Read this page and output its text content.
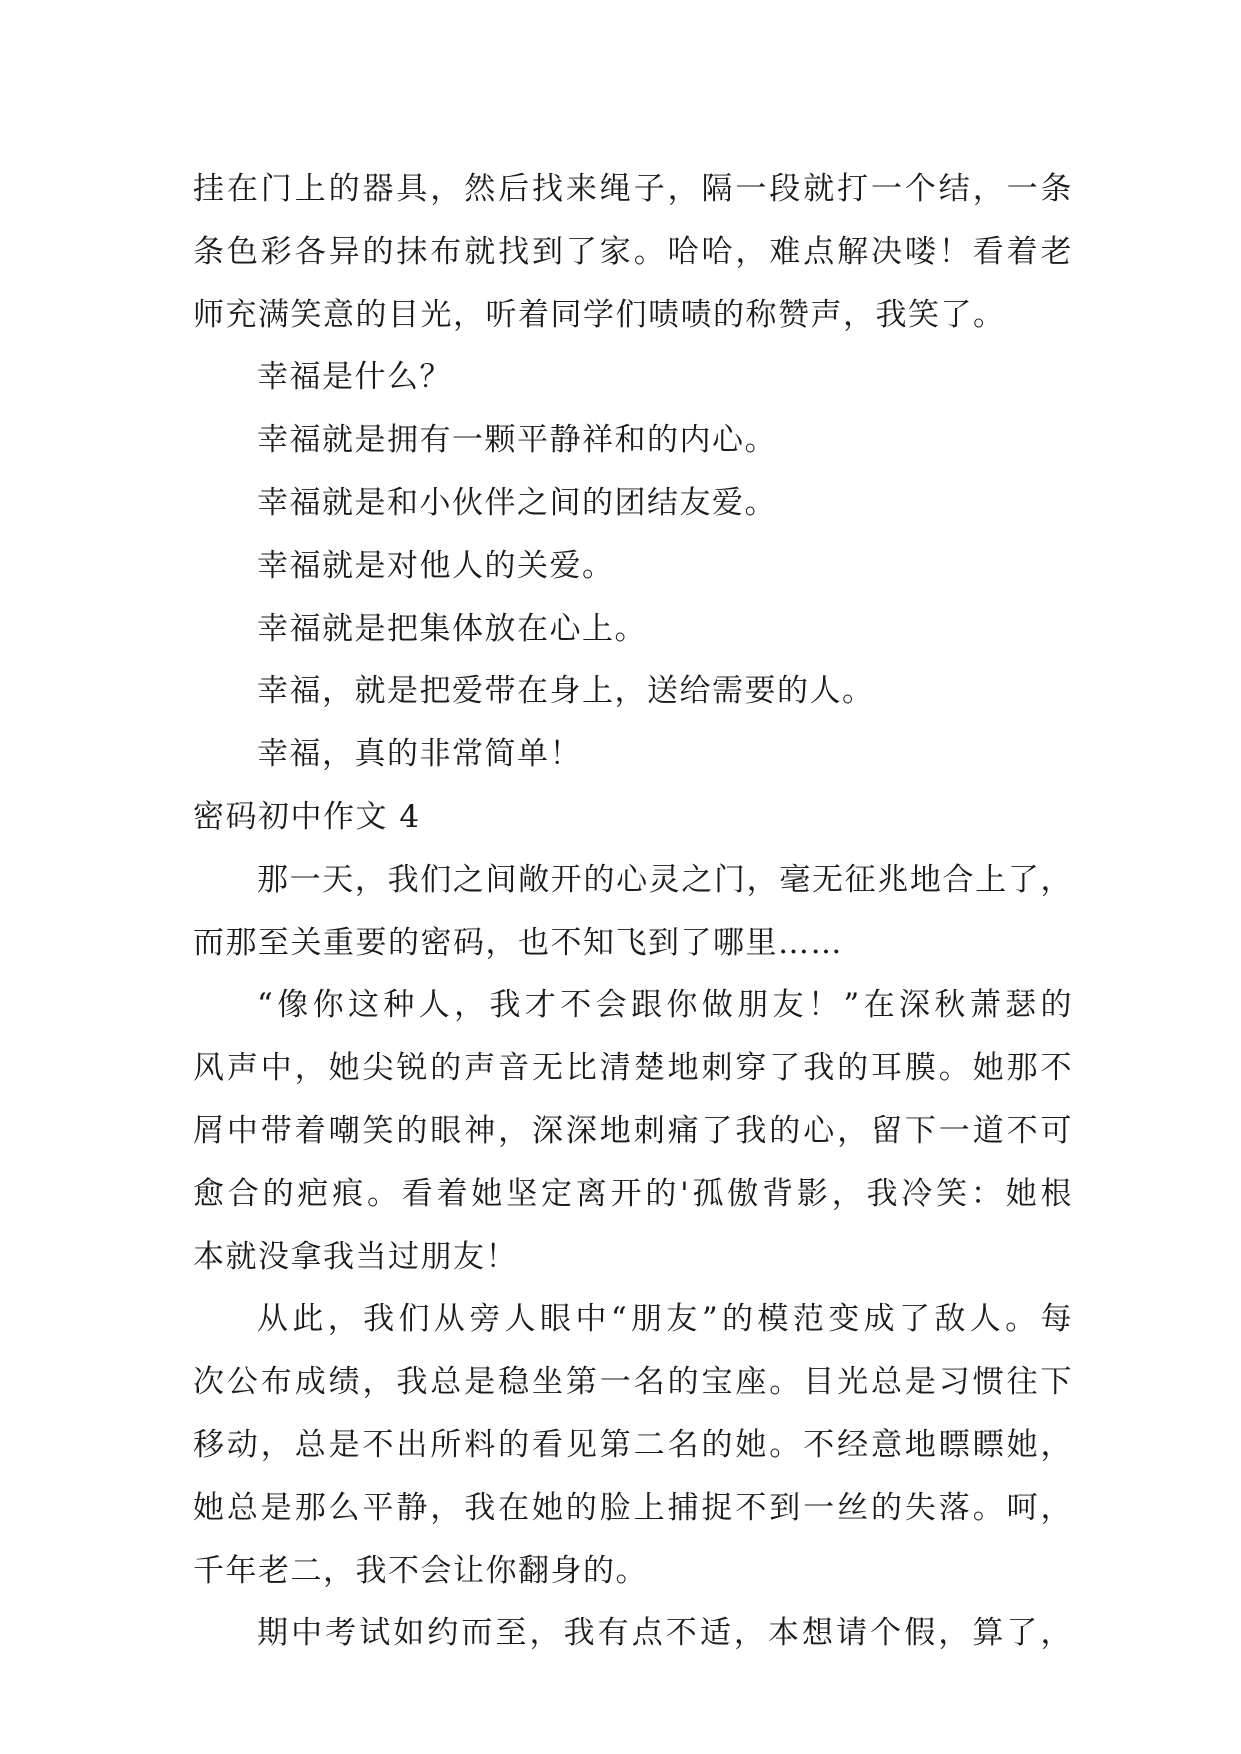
挂在门上的器具，然后找来绳子，隔一段就打一个结，一条
条色彩各异的抹布就找到了家。哈哈，难点解决喽！看着老
师充满笑意的目光，听着同学们啧啧的称赞声，我笑了。
幸福是什么？
幸福就是拥有一颗平静祥和的内心。
幸福就是和小伙伴之间的团结友爱。
幸福就是对他人的关爱。
幸福就是把集体放在心上。
幸福，就是把爱带在身上，送给需要的人。
幸福，真的非常简单！
密码初中作文 4
那一天，我们之间敞开的心灵之门，毫无征兆地合上了，
而那至关重要的密码，也不知飞到了哪里……
“像你这种人，我才不会跟你做朋友！”在深秋萧瑟的
风声中，她尖锐的声音无比清楚地刺穿了我的耳膜。她那不
屑中带着嘲笑的眼神，深深地刺痛了我的心，留下一道不可
愈合的疤痕。看着她坚定离开的'孤傲背影，我冷笑：她根
本就没拿我当过朋友！
从此，我们从旁人眼中“朋友”的模范变成了敌人。每
次公布成绩，我总是稳坐第一名的宝座。目光总是习惯往下
移动，总是不出所料的看见第二名的她。不经意地瞟瞟她，
她总是那么平静，我在她的脸上捕捉不到一丝的失落。呵，
千年老二，我不会让你翻身的。
期中考试如约而至，我有点不适，本想请个假，算了，
